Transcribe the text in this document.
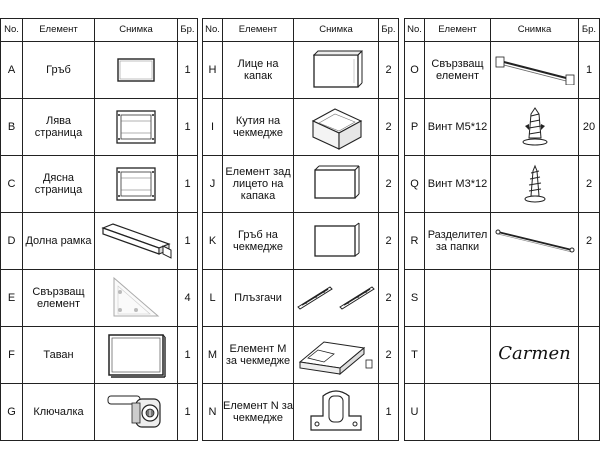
No.	Елемент	Снимка	Бр.
A	Гръб		1
B	Лява страница		1
C	Дясна страница		1
D	Долна рамка		1
E	Свързващ елемент		4
F	Таван		1
G	Ключалка		1
No.	Елемент	Снимка	Бр.
H	Лице на капак		2
I	Кутия на чекмедже		2
J	Елемент зад лицето на капака		2
K	Гръб на чекмедже		2
L	Плъзгачи		2
M	Елемент М за чекмедже		2
N	Елемент N за чекмедже		1
No.	Елемент	Снимка	Бр.
O	Свързващ елемент		1
P	Винт М5*12		20
Q	Винт М3*12		2
R	Разделител за папки		2
S			
T		Carmen	
U			
